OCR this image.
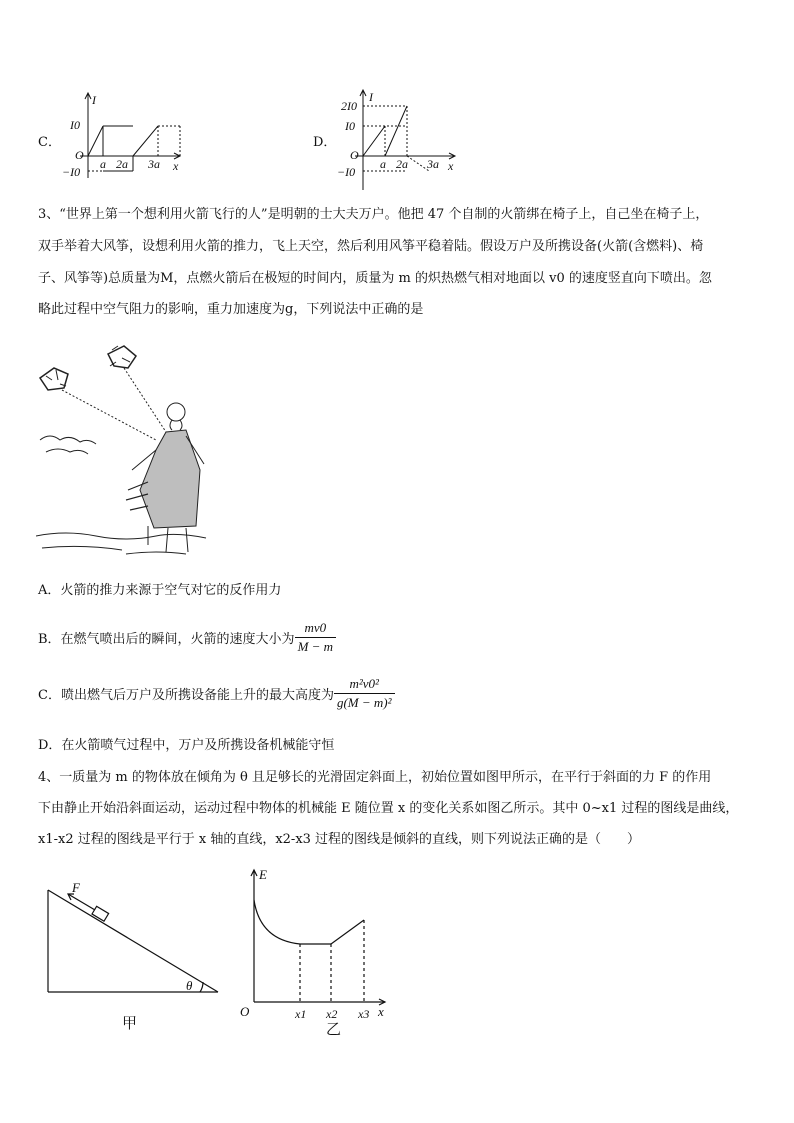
C．
I
x
O
I0
−I0
a 2a 3a
D．
I
x
O
2I0
I0
−I0
a 2a 3a
3、“世界上第一个想利用火箭飞行的人”是明朝的士大夫万户。他把 47 个自制的火箭绑在椅子上，自己坐在椅子上，
双手举着大风筝，设想利用火箭的推力，飞上天空，然后利用风筝平稳着陆。假设万户及所携设备(火箭(含燃料)、椅
子、风筝等)总质量为M，点燃火箭后在极短的时间内，质量为 m 的炽热燃气相对地面以 v0 的速度竖直向下喷出。忽
略此过程中空气阻力的影响，重力加速度为g，下列说法中正确的是
A．火箭的推力来源于空气对它的反作用力
B．在燃气喷出后的瞬间，火箭的速度大小为 $\frac{mv0}{M - m}$
C．喷出燃气后万户及所携设备能上升的最大高度为 $\frac{\text{m²v0²}}{\text{g(M − m)²}}$
D．在火箭喷气过程中，万户及所携设备机械能守恒
4、一质量为 m 的物体放在倾角为 θ 且足够长的光滑固定斜面上，初始位置如图甲所示，在平行于斜面的力 F 的作用
下由静止开始沿斜面运动，运动过程中物体的机械能 E 随位置 x 的变化关系如图乙所示。其中 0~x1 过程的图线是曲线，
x1-x2 过程的图线是平行于 x 轴的直线，x2-x3 过程的图线是倾斜的直线，则下列说法正确的是（　　）
F
θ
甲
E
x
O	x1 x2 x3
乙
